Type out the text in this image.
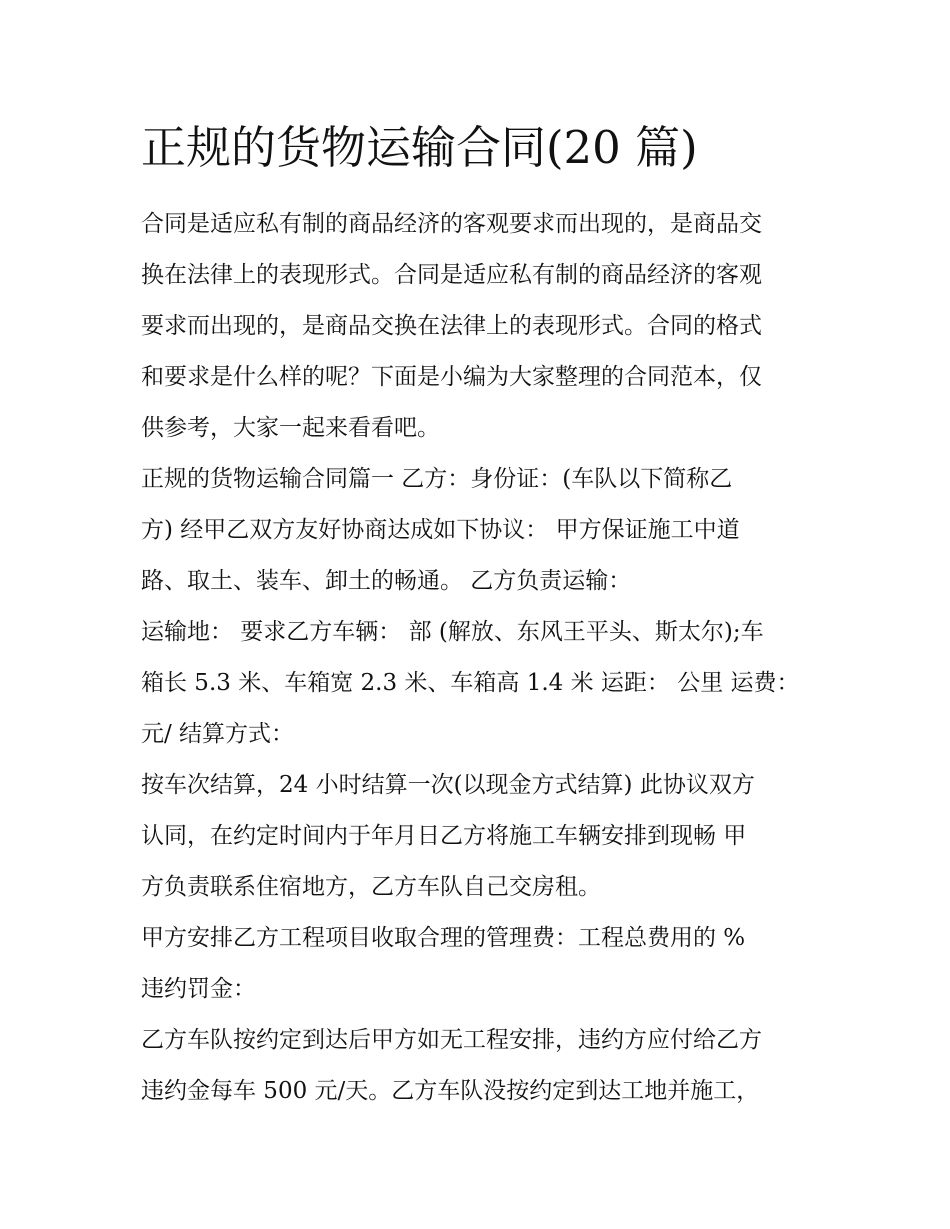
正规的货物运输合同(20 篇)

合同是适应私有制的商品经济的客观要求而出现的，是商品交
换在法律上的表现形式。合同是适应私有制的商品经济的客观
要求而出现的，是商品交换在法律上的表现形式。合同的格式
和要求是什么样的呢？下面是小编为大家整理的合同范本，仅
供参考，大家一起来看看吧。

正规的货物运输合同篇一 乙方：身份证：(车队以下简称乙
方) 经甲乙双方友好协商达成如下协议： 甲方保证施工中道
路、取土、装车、卸土的畅通。 乙方负责运输：

运输地： 要求乙方车辆： 部 (解放、东风王平头、斯太尔);车
箱长 5.3 米、车箱宽 2.3 米、车箱高 1.4 米 运距： 公里 运费：
元/ 结算方式：

按车次结算，24 小时结算一次(以现金方式结算) 此协议双方
认同，在约定时间内于年月日乙方将施工车辆安排到现畅 甲
方负责联系住宿地方，乙方车队自己交房租。

甲方安排乙方工程项目收取合理的管理费：工程总费用的 %
违约罚金：

乙方车队按约定到达后甲方如无工程安排，违约方应付给乙方
违约金每车 500 元/天。乙方车队没按约定到达工地并施工，
